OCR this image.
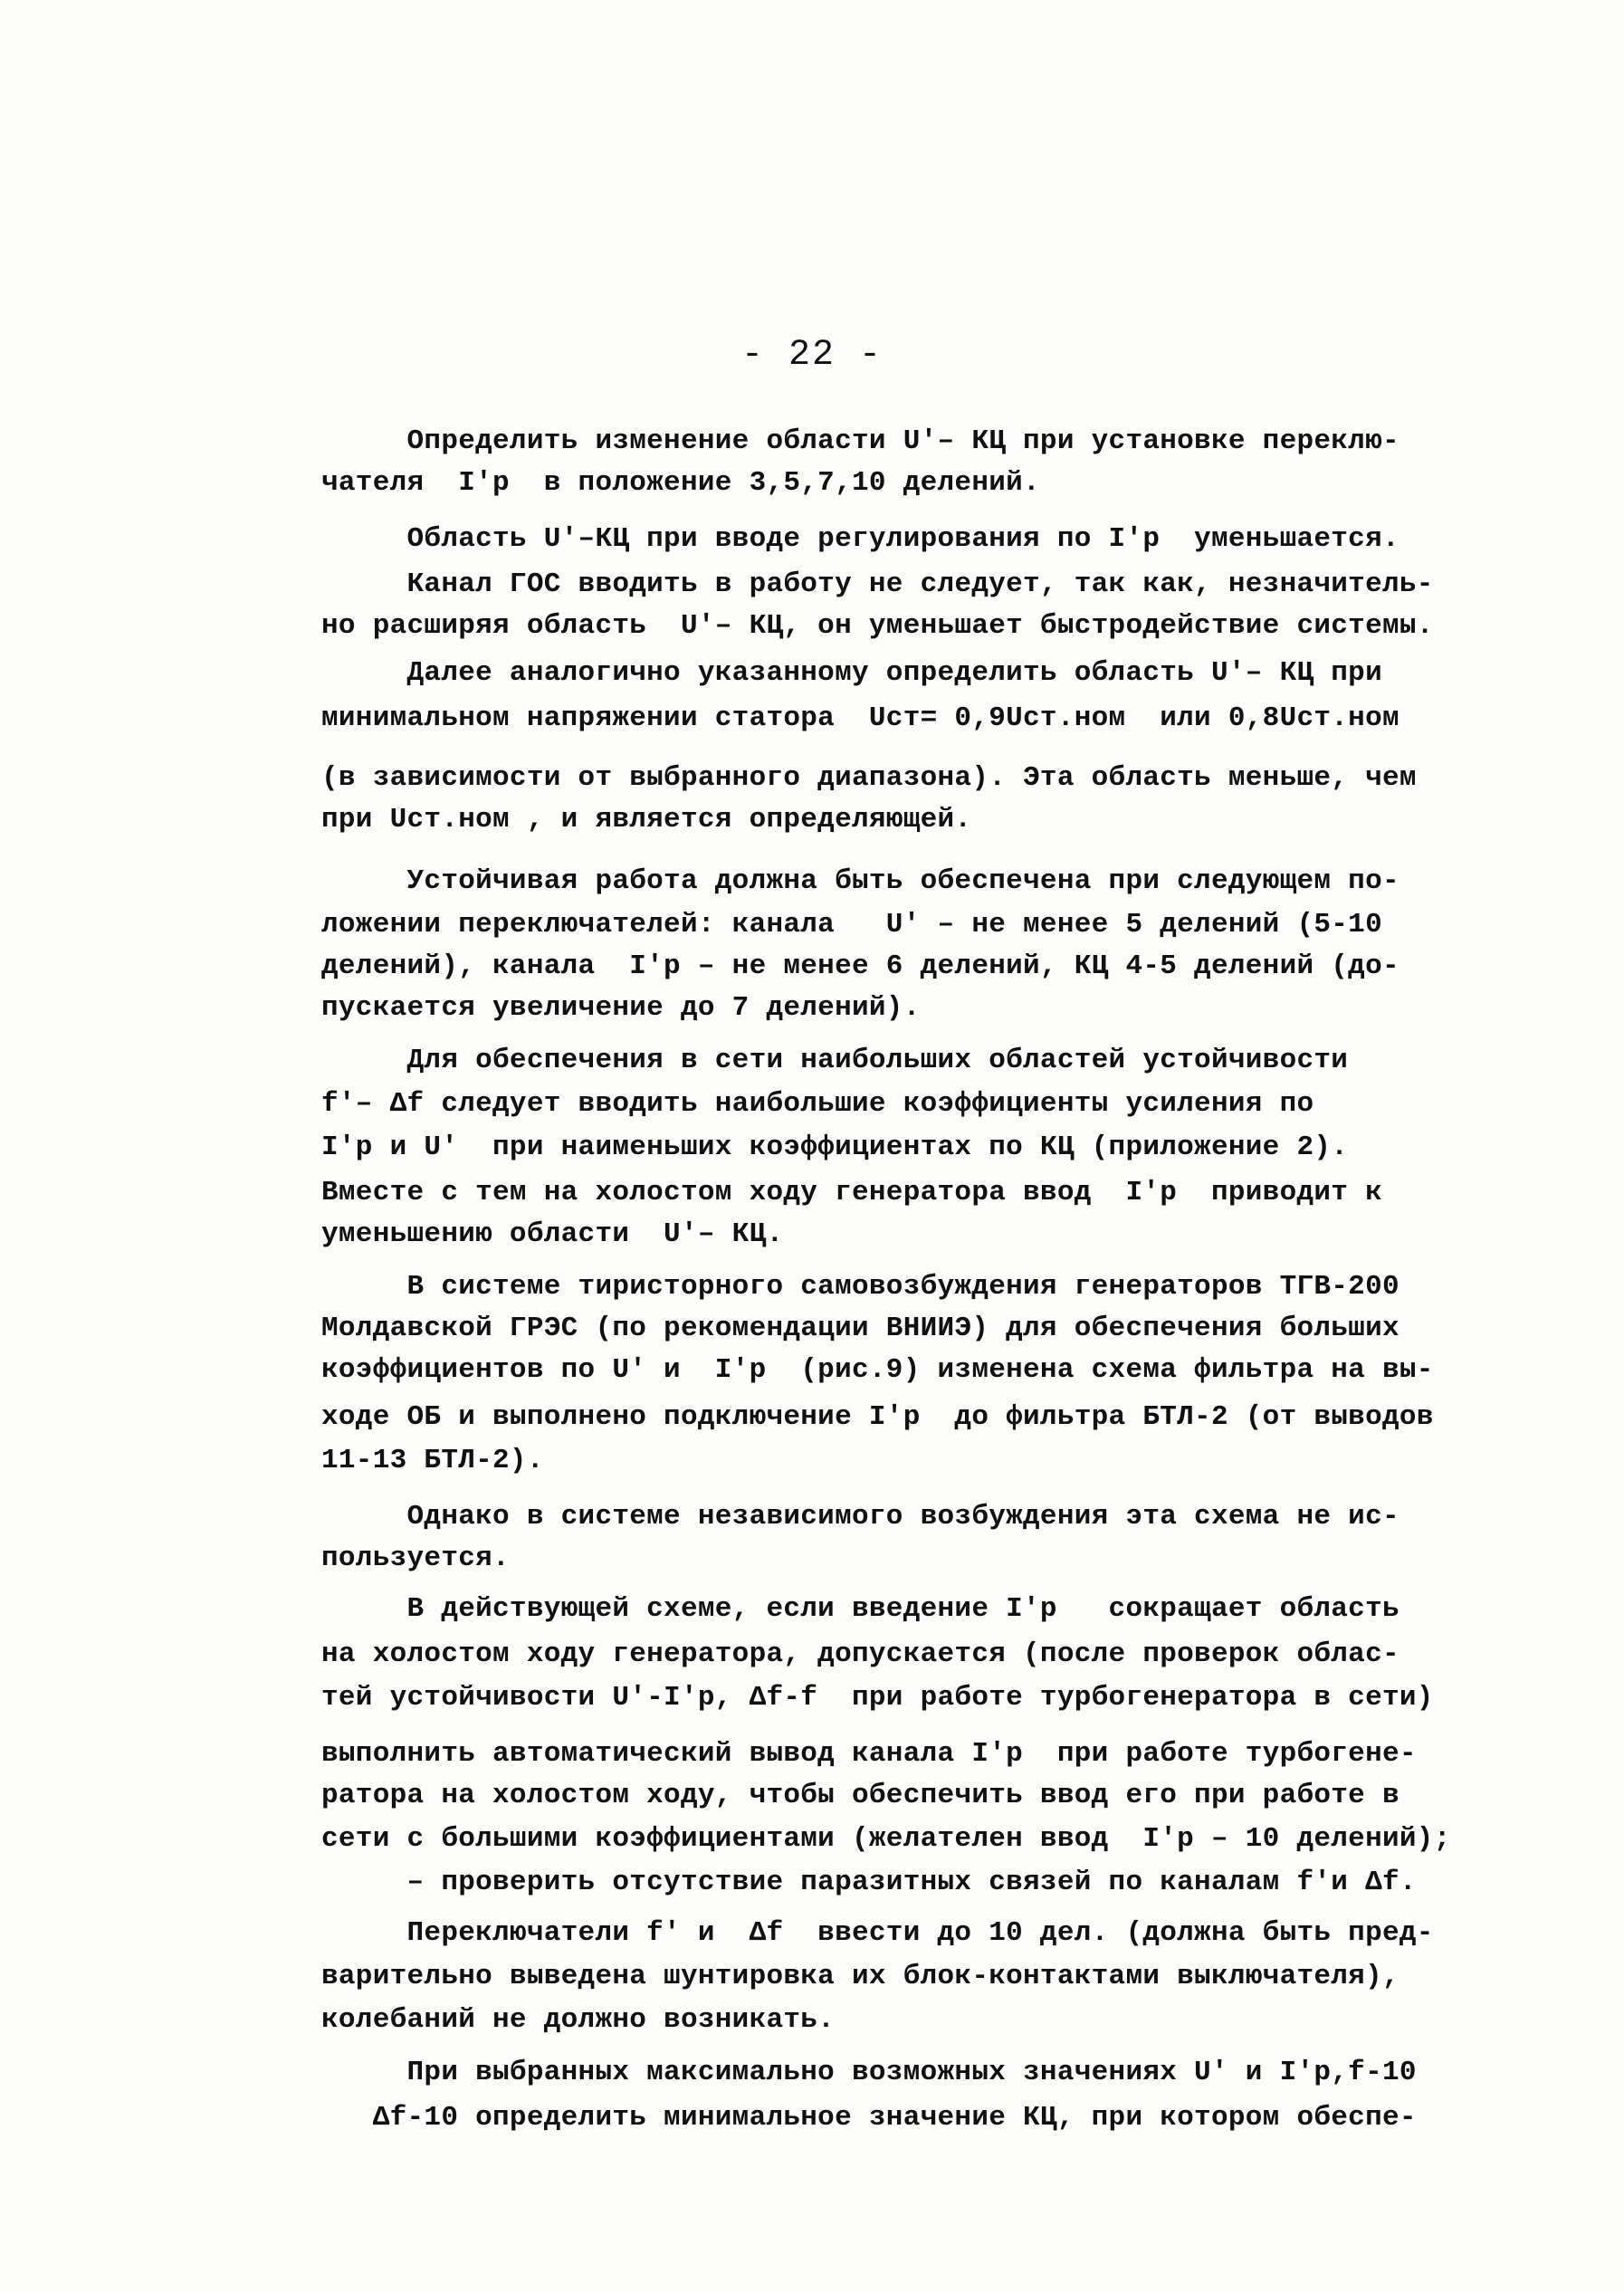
- 22 -
Определить изменение области U′– КЦ при установке переклю-
чателя  I′р  в положение 3,5,7,10 делений.
Область U′–КЦ при вводе регулирования по I′р  уменьшается.
Канал ГОС вводить в работу не следует, так как, незначитель-
но расширяя область  U′– КЦ, он уменьшает быстродействие системы.
Далее аналогично указанному определить область U′– КЦ при
минимальном напряжении статора  Uст= 0,9Uст.ном  или 0,8Uст.ном
(в зависимости от выбранного диапазона). Эта область меньше, чем
при Uст.ном , и является определяющей.
Устойчивая работа должна быть обеспечена при следующем по-
ложении переключателей: канала   U′ – не менее 5 делений (5-10
делений), канала  I′р – не менее 6 делений, КЦ 4-5 делений (до-
пускается увеличение до 7 делений).
Для обеспечения в сети наибольших областей устойчивости
f′– Δf следует вводить наибольшие коэффициенты усиления по
I′р и U′  при наименьших коэффициентах по КЦ (приложение 2).
Вместе с тем на холостом ходу генератора ввод  I′р  приводит к
уменьшению области  U′– КЦ.
В системе тиристорного самовозбуждения генераторов ТГВ-200
Молдавской ГРЭС (по рекомендации ВНИИЭ) для обеспечения больших
коэффициентов по U′ и  I′р  (рис.9) изменена схема фильтра на вы-
ходе ОБ и выполнено подключение I′р  до фильтра БТЛ-2 (от выводов
11-13 БТЛ-2).
Однако в системе независимого возбуждения эта схема не ис-
пользуется.
В действующей схеме, если введение I′р   сокращает область
на холостом ходу генератора, допускается (после проверок облас-
тей устойчивости U′-I′р, Δf-f  при работе турбогенератора в сети)
выполнить автоматический вывод канала I′р  при работе турбогене-
ратора на холостом ходу, чтобы обеспечить ввод его при работе в
сети с большими коэффициентами (желателен ввод  I′р – 10 делений);
– проверить отсутствие паразитных связей по каналам f′и Δf.
Переключатели f′ и  Δf  ввести до 10 дел. (должна быть пред-
варительно выведена шунтировка их блок-контактами выключателя),
колебаний не должно возникать.
При выбранных максимально возможных значениях U′ и I′р,f-10
Δf-10 определить минимальное значение КЦ, при котором обеспе-
